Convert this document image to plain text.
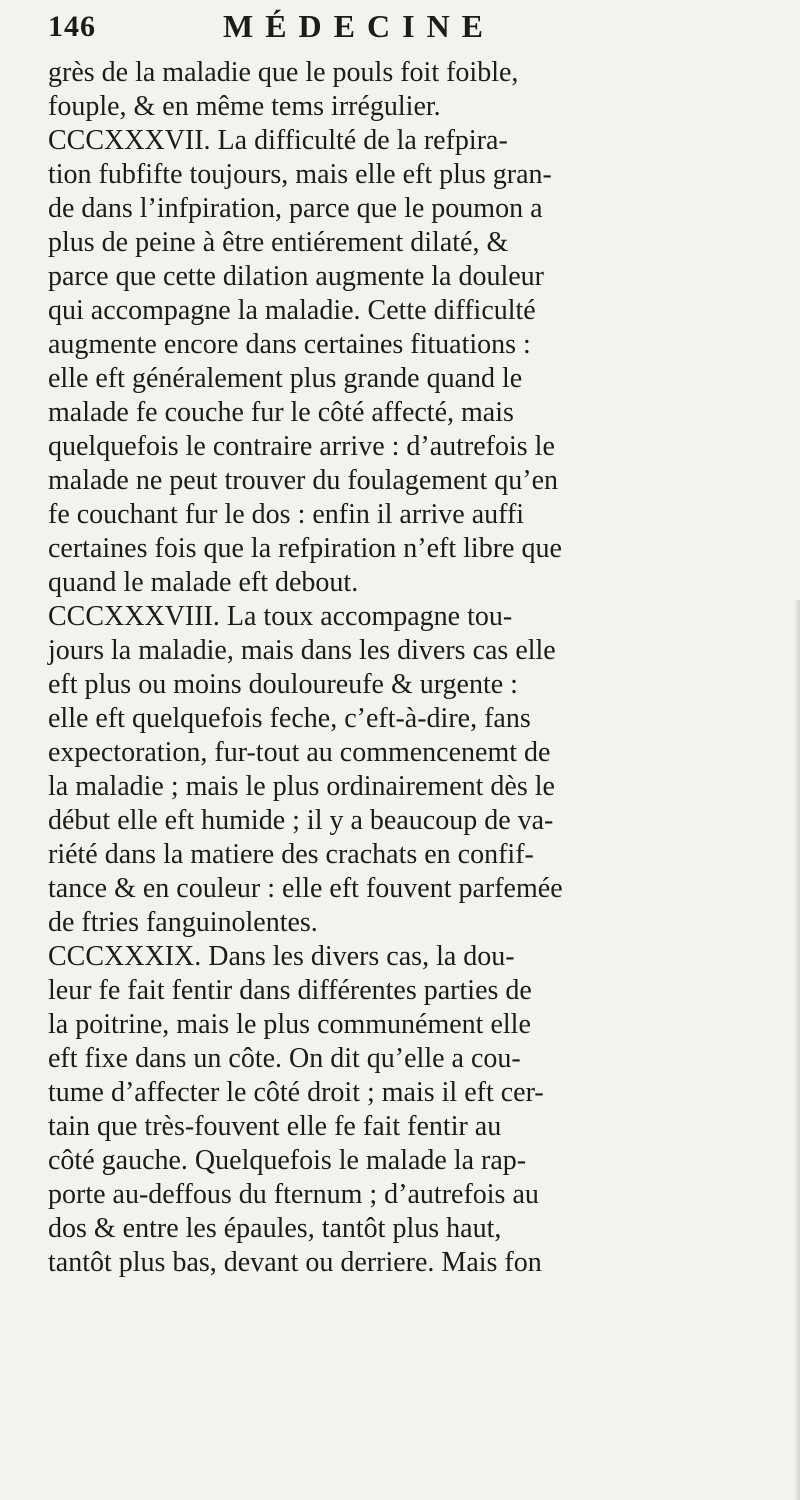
146	MÉDECINE
grès de la maladie que le pouls foit foible,
fouple, & en même tems irrégulier.
CCCXXXVII. La difficulté de la refpira-
tion fubfifte toujours, mais elle eft plus gran-
de dans l’infpiration, parce que le poumon a
plus de peine à être entiérement dilaté, &
parce que cette dilation augmente la douleur
qui accompagne la maladie. Cette difficulté
augmente encore dans certaines fituations :
elle eft généralement plus grande quand le
malade fe couche fur le côté affecté, mais
quelquefois le contraire arrive : d’autrefois le
malade ne peut trouver du foulagement qu’en
fe couchant fur le dos : enfin il arrive auffi
certaines fois que la refpiration n’eft libre que
quand le malade eft debout.
CCCXXXVIII. La toux accompagne tou-
jours la maladie, mais dans les divers cas elle
eft plus ou moins douloureufe & urgente :
elle eft quelquefois feche, c’eft-à-dire, fans
expectoration, fur-tout au commencenemt de
la maladie ; mais le plus ordinairement dès le
début elle eft humide ; il y a beaucoup de va-
riété dans la matiere des crachats en confif-
tance & en couleur : elle eft fouvent parfemée
de ftries fanguinolentes.
CCCXXXIX. Dans les divers cas, la dou-
leur fe fait fentir dans différentes parties de
la poitrine, mais le plus communément elle
eft fixe dans un côte. On dit qu’elle a cou-
tume d’affecter le côté droit ; mais il eft cer-
tain que très-fouvent elle fe fait fentir au
côté gauche. Quelquefois le malade la rap-
porte au-deffous du fternum ; d’autrefois au
dos & entre les épaules, tantôt plus haut,
tantôt plus bas, devant ou derriere. Mais fon
